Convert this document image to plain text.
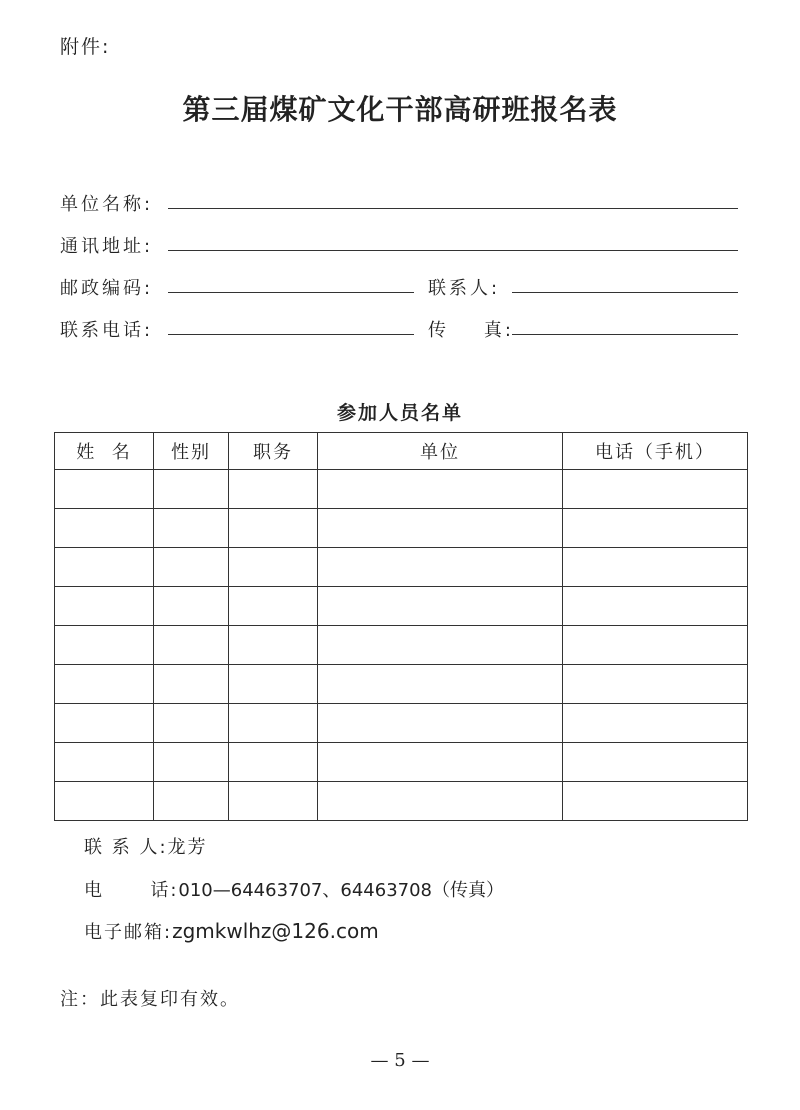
附件:
第三届煤矿文化干部高研班报名表
单位名称:
通讯地址:
邮政编码:	联系人:
联系电话:	传    真:
参加人员名单
姓  名	性别	职务	单位	电话（手机）

联 系 人:龙芳
电      话:010—64463707、64463708（传真）
电子邮箱:zgmkwlhz@126.com
注：此表复印有效。
— 5 —
